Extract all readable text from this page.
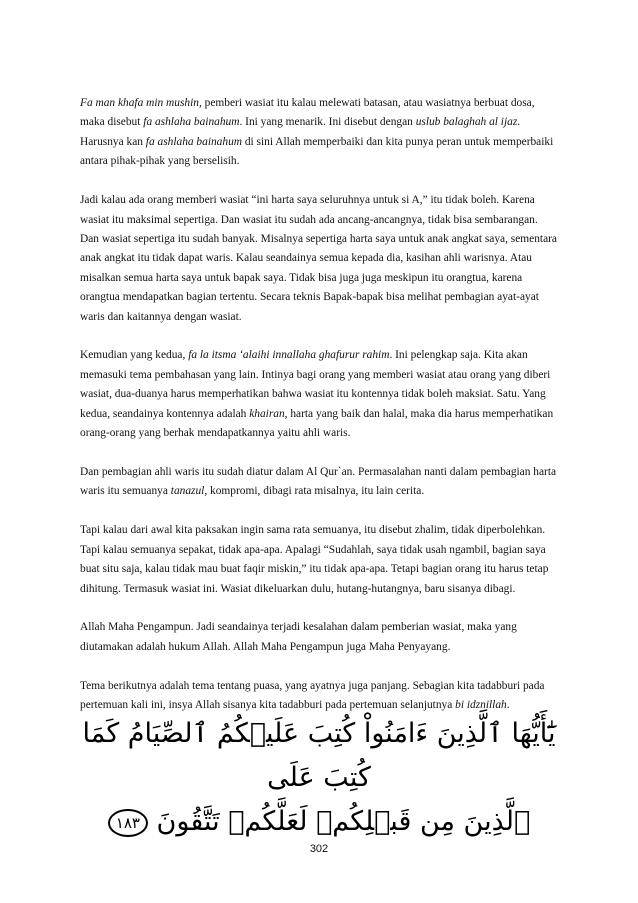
Fa man khafa min mushin, pemberi wasiat itu kalau melewati batasan, atau wasiatnya berbuat dosa, maka disebut fa ashlaha bainahum. Ini yang menarik. Ini disebut dengan uslub balaghah al ijaz. Harusnya kan fa ashlaha bainahum di sini Allah memperbaiki dan kita punya peran untuk memperbaiki antara pihak-pihak yang berselisih.

Jadi kalau ada orang memberi wasiat “ini harta saya seluruhnya untuk si A,” itu tidak boleh. Karena wasiat itu maksimal sepertiga. Dan wasiat itu sudah ada ancang-ancangnya, tidak bisa sembarangan. Dan wasiat sepertiga itu sudah banyak. Misalnya sepertiga harta saya untuk anak angkat saya, sementara anak angkat itu tidak dapat waris. Kalau seandainya semua kepada dia, kasihan ahli warisnya. Atau misalkan semua harta saya untuk bapak saya. Tidak bisa juga juga meskipun itu orangtua, karena orangtua mendapatkan bagian tertentu. Secara teknis Bapak-bapak bisa melihat pembagian ayat-ayat waris dan kaitannya dengan wasiat.

Kemudian yang kedua, fa la itsma ‘alaihi innallaha ghafurur rahim. Ini pelengkap saja. Kita akan memasuki tema pembahasan yang lain. Intinya bagi orang yang memberi wasiat atau orang yang diberi wasiat, dua-duanya harus memperhatikan bahwa wasiat itu kontennya tidak boleh maksiat. Satu. Yang kedua, seandainya kontennya adalah khairan, harta yang baik dan halal, maka dia harus memperhatikan orang-orang yang berhak mendapatkannya yaitu ahli waris.

Dan pembagian ahli waris itu sudah diatur dalam Al Qur`an. Permasalahan nanti dalam pembagian harta waris itu semuanya tanazul, kompromi, dibagi rata misalnya, itu lain cerita.

Tapi kalau dari awal kita paksakan ingin sama rata semuanya, itu disebut zhalim, tidak diperbolehkan. Tapi kalau semuanya sepakat, tidak apa-apa. Apalagi “Sudahlah, saya tidak usah ngambil, bagian saya buat situ saja, kalau tidak mau buat faqir miskin,” itu tidak apa-apa. Tetapi bagian orang itu harus tetap dihitung. Termasuk wasiat ini. Wasiat dikeluarkan dulu, hutang-hutangnya, baru sisanya dibagi.

Allah Maha Pengampun. Jadi seandainya terjadi kesalahan dalam pemberian wasiat, maka yang diutamakan adalah hukum Allah. Allah Maha Pengampun juga Maha Penyayang.

Tema berikutnya adalah tema tentang puasa, yang ayatnya juga panjang. Sebagian kita tadabburi pada pertemuan kali ini, insya Allah sisanya kita tadabburi pada pertemuan selanjutnya bi idznillah.

يَٰٓأَيُّهَا ٱلَّذِينَ ءَامَنُواْ كُتِبَ عَلَيۡكُمُ ٱلصِّيَامُ كَمَا كُتِبَ عَلَى
ٱلَّذِينَ مِن قَبۡلِكُمۡ لَعَلَّكُمۡ تَتَّقُونَ ١٨٣
302
